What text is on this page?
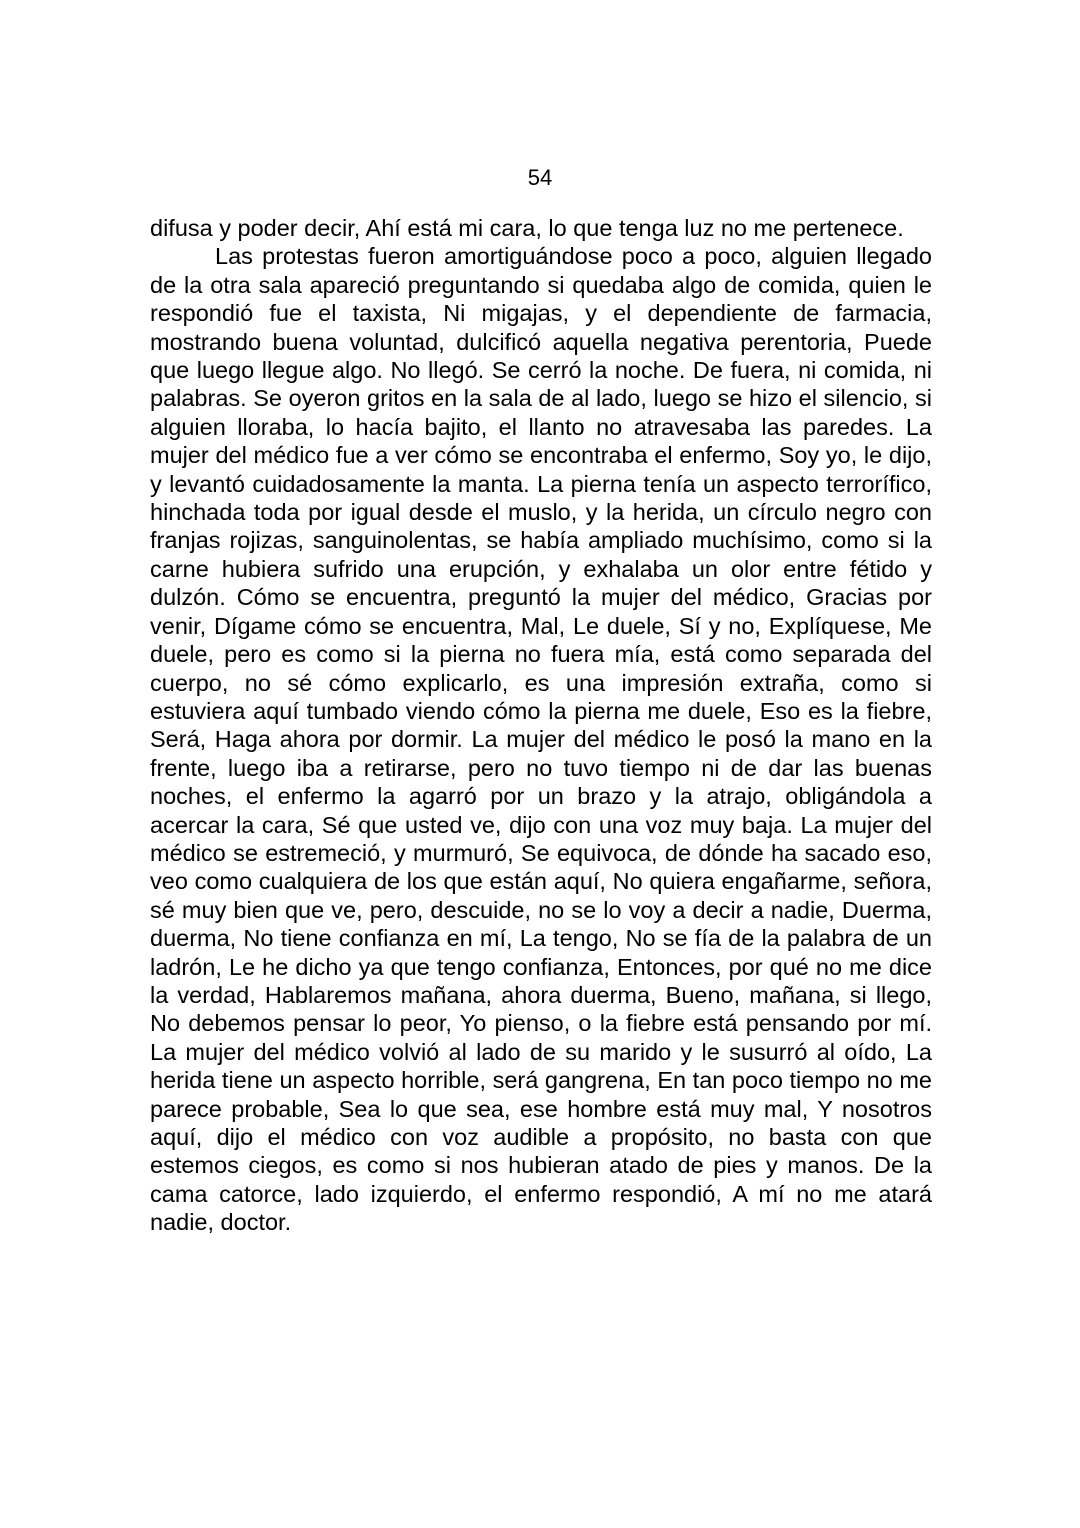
54

difusa y poder decir, Ahí está mi cara, lo que tenga luz no me pertenece.

Las protestas fueron amortiguándose poco a poco, alguien llegado de la otra sala apareció preguntando si quedaba algo de comida, quien le respondió fue el taxista, Ni migajas, y el dependiente de farmacia, mostrando buena voluntad, dulcificó aquella negativa perentoria, Puede que luego llegue algo. No llegó. Se cerró la noche. De fuera, ni comida, ni palabras. Se oyeron gritos en la sala de al lado, luego se hizo el silencio, si alguien lloraba, lo hacía bajito, el llanto no atravesaba las paredes. La mujer del médico fue a ver cómo se encontraba el enfermo, Soy yo, le dijo, y levantó cuidadosamente la manta. La pierna tenía un aspecto terrorífico, hinchada toda por igual desde el muslo, y la herida, un círculo negro con franjas rojizas, sanguinolentas, se había ampliado muchísimo, como si la carne hubiera sufrido una erupción, y exhalaba un olor entre fétido y dulzón. Cómo se encuentra, preguntó la mujer del médico, Gracias por venir, Dígame cómo se encuentra, Mal, Le duele, Sí y no, Explíquese, Me duele, pero es como si la pierna no fuera mía, está como separada del cuerpo, no sé cómo explicarlo, es una impresión extraña, como si estuviera aquí tumbado viendo cómo la pierna me duele, Eso es la fiebre, Será, Haga ahora por dormir. La mujer del médico le posó la mano en la frente, luego iba a retirarse, pero no tuvo tiempo ni de dar las buenas noches, el enfermo la agarró por un brazo y la atrajo, obligándola a acercar la cara, Sé que usted ve, dijo con una voz muy baja. La mujer del médico se estremeció, y murmuró, Se equivoca, de dónde ha sacado eso, veo como cualquiera de los que están aquí, No quiera engañarme, señora, sé muy bien que ve, pero, descuide, no se lo voy a decir a nadie, Duerma, duerma, No tiene confianza en mí, La tengo, No se fía de la palabra de un ladrón, Le he dicho ya que tengo confianza, Entonces, por qué no me dice la verdad, Hablaremos mañana, ahora duerma, Bueno, mañana, si llego, No debemos pensar lo peor, Yo pienso, o la fiebre está pensando por mí. La mujer del médico volvió al lado de su marido y le susurró al oído, La herida tiene un aspecto horrible, será gangrena, En tan poco tiempo no me parece probable, Sea lo que sea, ese hombre está muy mal, Y nosotros aquí, dijo el médico con voz audible a propósito, no basta con que estemos ciegos, es como si nos hubieran atado de pies y manos. De la cama catorce, lado izquierdo, el enfermo respondió, A mí no me atará nadie, doctor.
